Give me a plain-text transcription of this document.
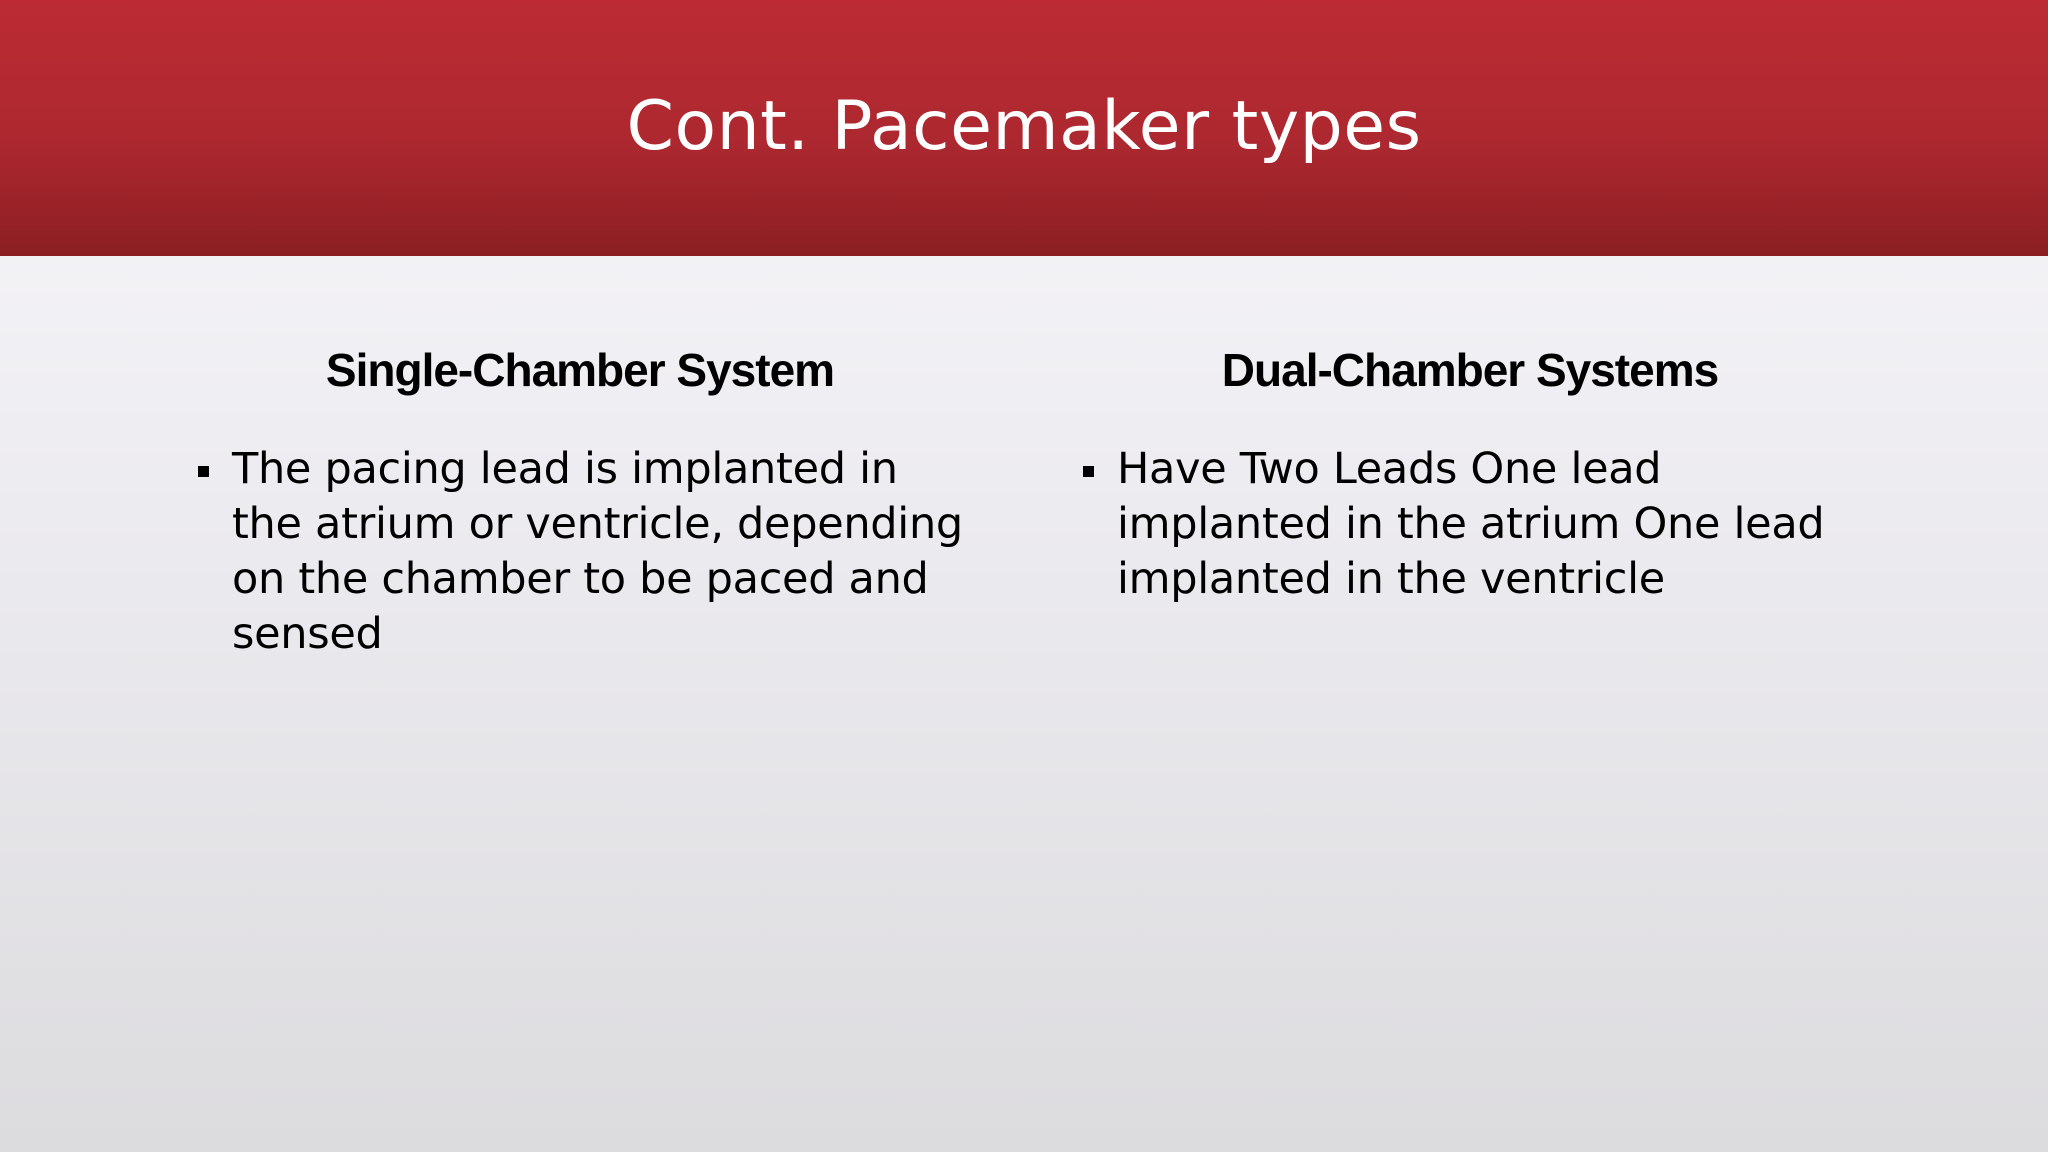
Cont. Pacemaker types
Single-Chamber System

The pacing lead is implanted in the atrium or ventricle, depending on the chamber to be paced and sensed

Dual-Chamber Systems

Have Two Leads One lead implanted in the atrium One lead implanted in the ventricle
